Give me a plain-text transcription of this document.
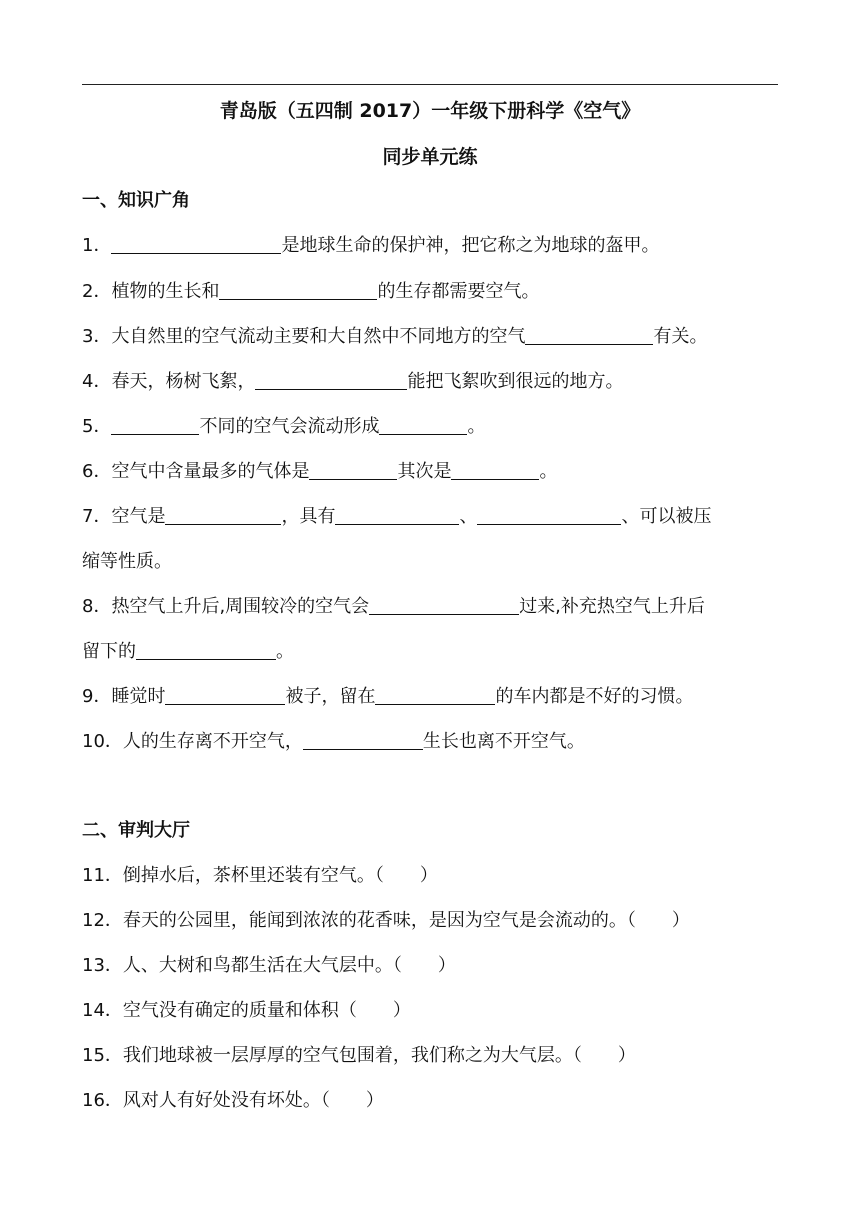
青岛版（五四制 2017）一年级下册科学《空气》
同步单元练
一、知识广角
1．	是地球生命的保护神，把它称之为地球的盔甲。
2．植物的生长和	的生存都需要空气。
3．大自然里的空气流动主要和大自然中不同地方的空气	有关。
4．春天，杨树飞絮，	能把飞絮吹到很远的地方。
5．	不同的空气会流动形成	。
6．空气中含量最多的气体是	其次是	。
7．空气是	，具有	、	、可以被压
缩等性质。
8．热空气上升后,周围较冷的空气会	过来,补充热空气上升后
留下的	。
9．睡觉时	被子，留在	的车内都是不好的习惯。
10．人的生存离不开空气，	生长也离不开空气。
二、审判大厅
11．倒掉水后，茶杯里还装有空气。（　　）
12．春天的公园里，能闻到浓浓的花香味，是因为空气是会流动的。（　　）
13．人、大树和鸟都生活在大气层中。（　　）
14．空气没有确定的质量和体积（　　）
15．我们地球被一层厚厚的空气包围着，我们称之为大气层。（　　）
16．风对人有好处没有坏处。（　　）
